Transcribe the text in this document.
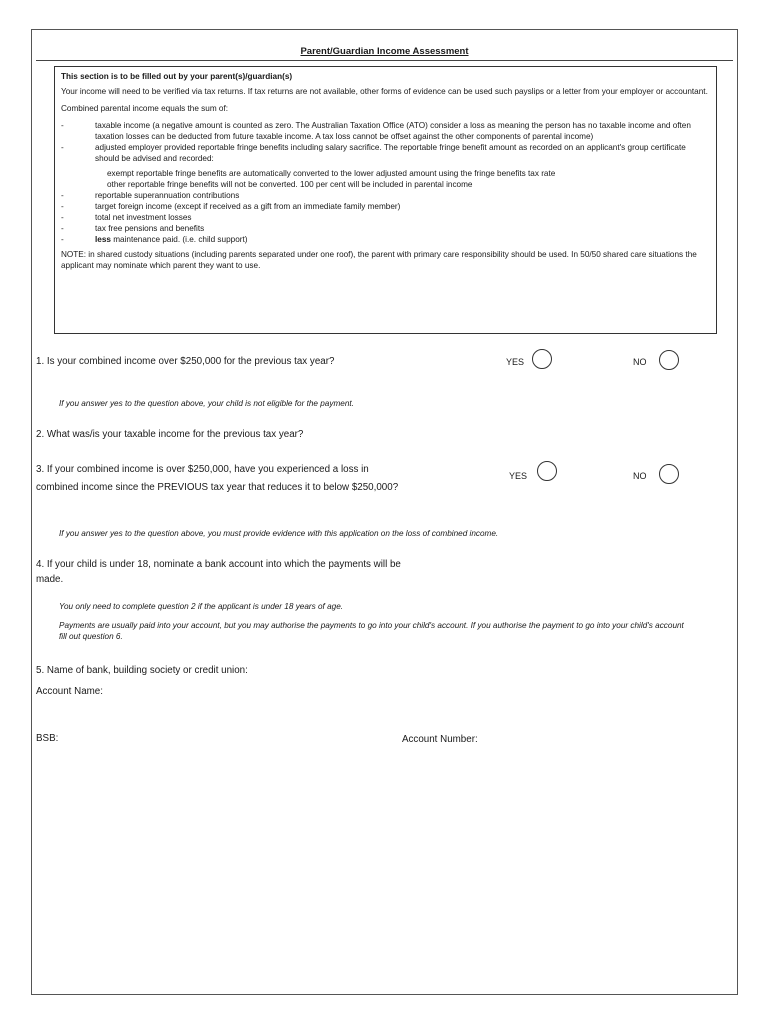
Parent/Guardian Income Assessment

This section is to be filled out by your parent(s)/guardian(s)

Your income will need to be verified via tax returns. If tax returns are not available, other forms of evidence can be used such payslips or a letter from your employer or accountant.

Combined parental income equals the sum of:

-	taxable income (a negative amount is counted as zero. The Australian Taxation Office (ATO) consider a loss as meaning the person has no taxable income and often taxation losses can be deducted from future taxable income. A tax loss cannot be offset against the other components of parental income)
-	adjusted employer provided reportable fringe benefits including salary sacrifice. The reportable fringe benefit amount as recorded on an applicant's group certificate should be advised and recorded:
exempt reportable fringe benefits are automatically converted to the lower adjusted amount using the fringe benefits tax rate
other reportable fringe benefits will not be converted. 100 per cent will be included in parental income
-	reportable superannuation contributions
-	target foreign income (except if received as a gift from an immediate family member)
-	total net investment losses
-	tax free pensions and benefits
-	less maintenance paid. (i.e. child support)

NOTE: in shared custody situations (including parents separated under one roof), the parent with primary care responsibility should be used. In 50/50 shared care situations the applicant may nominate which parent they want to use.

1. Is your combined income over $250,000 for the previous tax year?	YES	NO
If you answer yes to the question above, your child is not eligible for the payment.
2. What was/is your taxable income for the previous tax year?
3. If your combined income is over $250,000, have you experienced a loss in
combined income since the PREVIOUS tax year that reduces it to below $250,000?
YES	NO
If you answer yes to the question above, you must provide evidence with this application on the loss of combined income.
4. If your child is under 18, nominate a bank account into which the payments will be
made.
You only need to complete question 2 if the applicant is under 18 years of age.
Payments are usually paid into your account, but you may authorise the payments to go into your child's account. If you authorise the payment to go into your child's account fill out question 6.
5. Name of bank, building society or credit union:
Account Name:
BSB:	Account Number:
